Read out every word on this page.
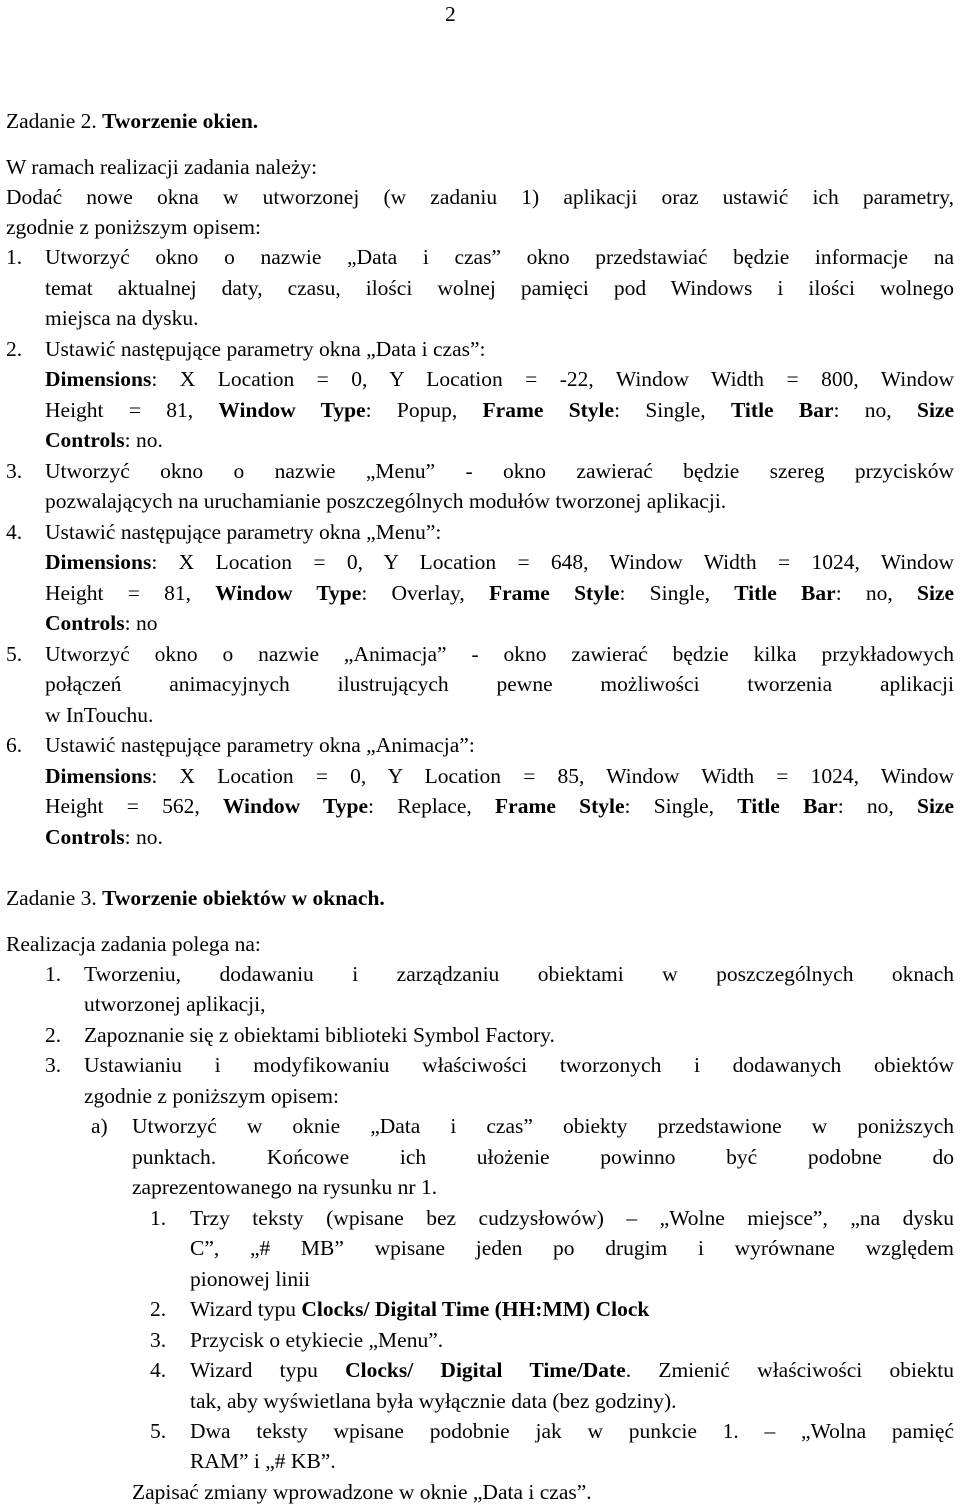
2
Zadanie 2. Tworzenie okien.
W ramach realizacji zadania należy:
Dodać nowe okna w utworzonej (w zadaniu 1) aplikacji oraz ustawić ich parametry,
zgodnie z poniższym opisem:
1. Utworzyć okno o nazwie „Data i czas” okno przedstawiać będzie informacje na
temat aktualnej daty, czasu, ilości wolnej pamięci pod Windows i ilości wolnego
miejsca na dysku.
2. Ustawić następujące parametry okna „Data i czas”:
Dimensions: X Location = 0, Y Location = -22, Window Width = 800, Window
Height = 81, Window Type: Popup, Frame Style: Single, Title Bar: no, Size
Controls: no.
3. Utworzyć okno o nazwie „Menu” - okno zawierać będzie szereg przycisków
pozwalających na uruchamianie poszczególnych modułów tworzonej aplikacji.
4. Ustawić następujące parametry okna „Menu”:
Dimensions: X Location = 0, Y Location = 648, Window Width = 1024, Window
Height = 81, Window Type: Overlay, Frame Style: Single, Title Bar: no, Size
Controls: no
5. Utworzyć okno o nazwie „Animacja” - okno zawierać będzie kilka przykładowych
połączeń animacyjnych ilustrujących pewne możliwości tworzenia aplikacji
w InTouchu.
6. Ustawić następujące parametry okna „Animacja”:
Dimensions: X Location = 0, Y Location = 85, Window Width = 1024, Window
Height = 562, Window Type: Replace, Frame Style: Single, Title Bar: no, Size
Controls: no.
Zadanie 3. Tworzenie obiektów w oknach.
Realizacja zadania polega na:
1. Tworzeniu, dodawaniu i zarządzaniu obiektami w poszczególnych oknach
utworzonej aplikacji,
2. Zapoznanie się z obiektami biblioteki Symbol Factory.
3. Ustawianiu i modyfikowaniu właściwości tworzonych i dodawanych obiektów
zgodnie z poniższym opisem:
a) Utworzyć w oknie „Data i czas” obiekty przedstawione w poniższych
punktach. Końcowe ich ułożenie powinno być podobne do
zaprezentowanego na rysunku nr 1.
1. Trzy teksty (wpisane bez cudzysłowów) – „Wolne miejsce”, „na dysku
C”, „# MB” wpisane jeden po drugim i wyrównane względem
pionowej linii
2. Wizard typu Clocks/ Digital Time (HH:MM) Clock
3. Przycisk o etykiecie „Menu”.
4. Wizard typu Clocks/ Digital Time/Date. Zmienić właściwości obiektu
tak, aby wyświetlana była wyłącznie data (bez godziny).
5. Dwa teksty wpisane podobnie jak w punkcie 1. – „Wolna pamięć
RAM” i „# KB”.
Zapisać zmiany wprowadzone w oknie „Data i czas”.
